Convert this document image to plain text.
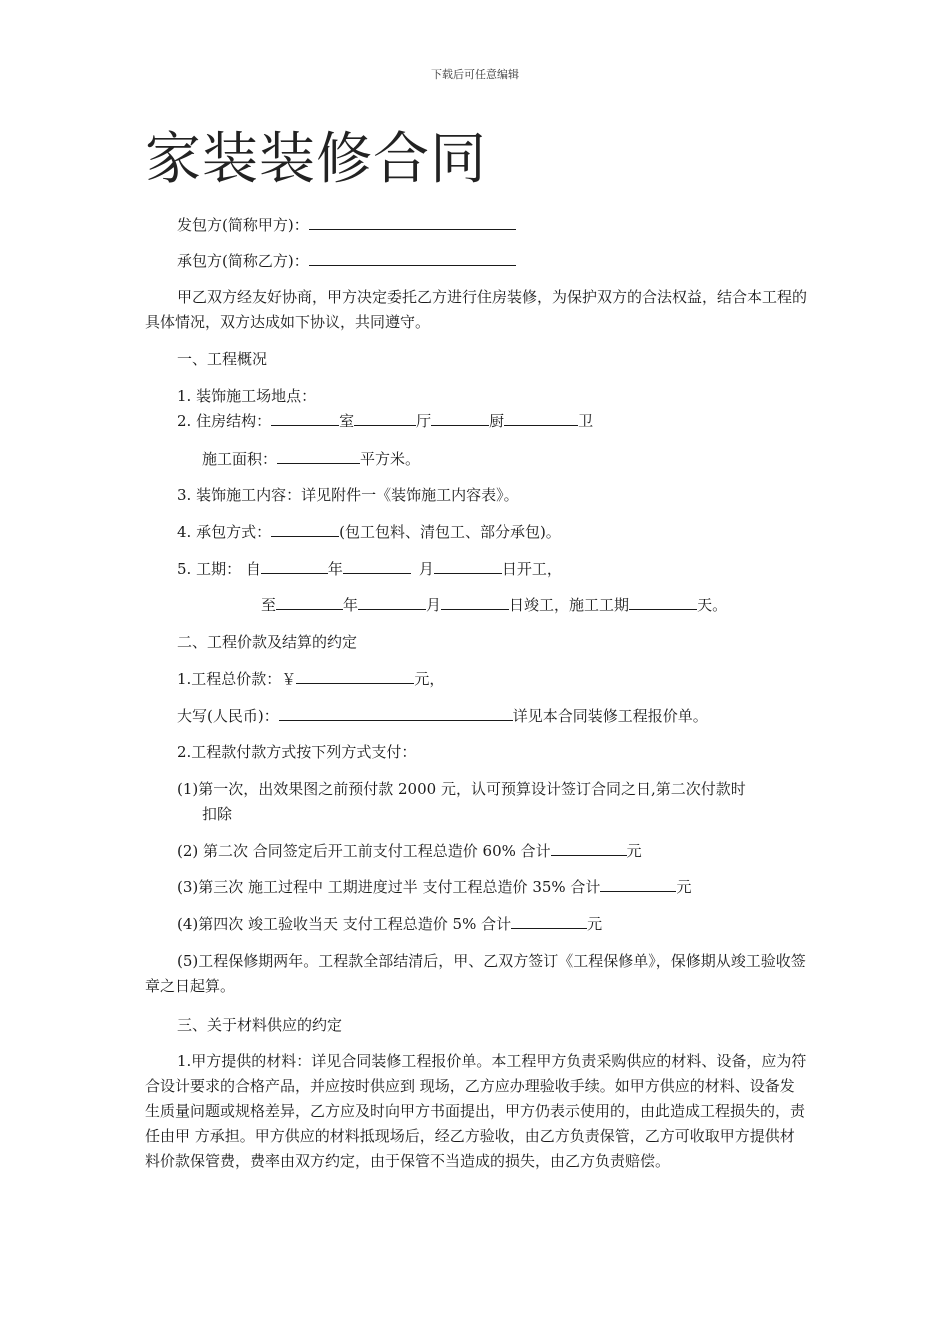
下载后可任意编辑
家装装修合同
发包方(简称甲方)：
承包方(简称乙方)：
甲乙双方经友好协商，甲方决定委托乙方进行住房装修，为保护双方的合法权益，结合本工程的具体情况，双方达成如下协议，共同遵守。
一、工程概况
1. 装饰施工场地点：
2. 住房结构：	室	厅	厨	卫
施工面积：	平方米。
3. 装饰施工内容：详见附件一《装饰施工内容表》。
4. 承包方式：	(包工包料、清包工、部分承包)。
5. 工期： 自	年	月	日开工，
至	年	月	日竣工，施工工期	天。
二、工程价款及结算的约定
1.工程总价款：￥	元，
大写(人民币)：	详见本合同装修工程报价单。
2.工程款付款方式按下列方式支付：
(1)第一次，出效果图之前预付款 2000 元，认可预算设计签订合同之日,第二次付款时
扣除
(2) 第二次 合同签定后开工前支付工程总造价 60% 合计	元
(3)第三次 施工过程中 工期进度过半 支付工程总造价 35% 合计	元
(4)第四次 竣工验收当天 支付工程总造价 5% 合计	元
(5)工程保修期两年。工程款全部结清后，甲、乙双方签订《工程保修单》，保修期从竣工验收签章之日起算。
三、关于材料供应的约定
1.甲方提供的材料：详见合同装修工程报价单。本工程甲方负责采购供应的材料、设备，应为符合设计要求的合格产品，并应按时供应到 现场，乙方应办理验收手续。如甲方供应的材料、设备发生质量问题或规格差异，乙方应及时向甲方书面提出，甲方仍表示使用的，由此造成工程损失的，责任由甲 方承担。甲方供应的材料抵现场后，经乙方验收，由乙方负责保管，乙方可收取甲方提供材料价款保管费，费率由双方约定，由于保管不当造成的损失，由乙方负责赔偿。
